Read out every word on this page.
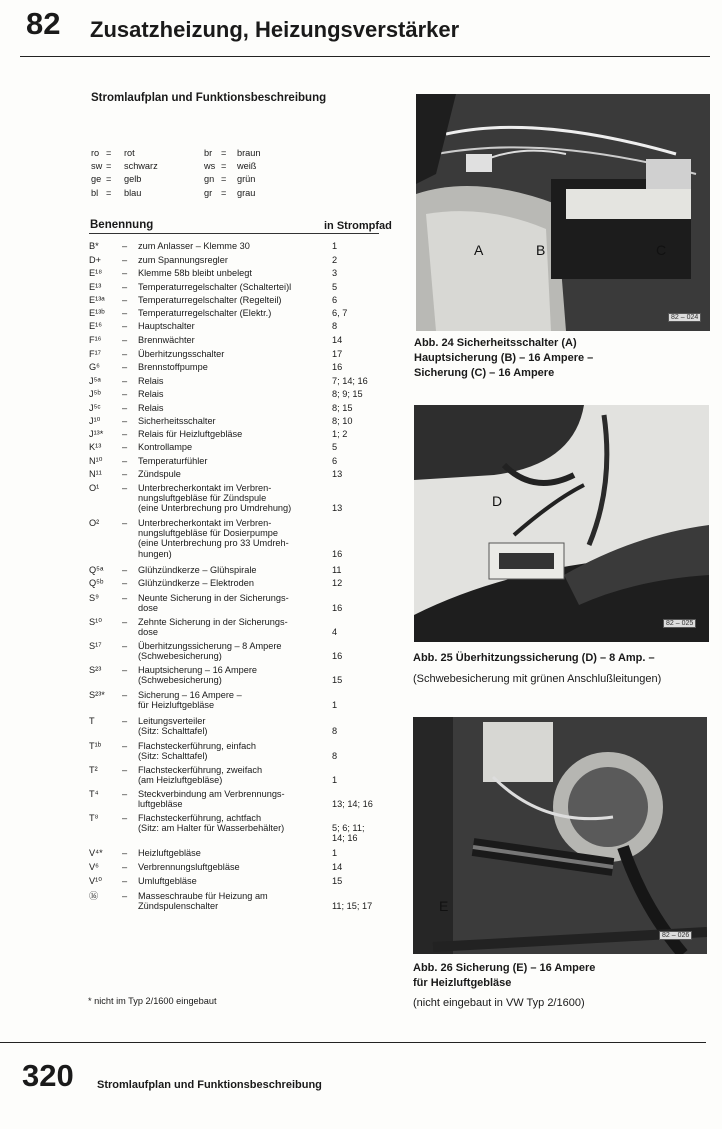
82 Zusatzheizung, Heizungsverstärker
Stromlaufplan und Funktionsbeschreibung
ro = rot
sw = schwarz
ge = gelb
bl = blau
br = braun
ws = weiß
gn = grün
gr = grau
Benennung	in Strompfad
B*	– zum Anlasser – Klemme 30	1
D+ – zum Spannungsregler	2
E¹⁸ – Klemme 58b bleibt unbelegt	3
E¹³ – Temperaturregelschalter (Schaltertei)l	5
E¹³ᵃ – Temperaturregelschalter (Regelteil)	6
E¹³ᵇ – Temperaturregelschalter (Elektr.)	6, 7
E¹⁶ – Hauptschalter	8
F¹⁶ – Brennwächter	14
F¹⁷ – Überhitzungsschalter	17
G⁶ – Brennstoffpumpe	16
J⁵ᵃ – Relais	7; 14; 16
J⁵ᵇ – Relais	8; 9; 15
J⁵ᶜ – Relais	8; 15
J¹⁰ – Sicherheitsschalter	8; 10
J¹³* – Relais für Heizluftgebläse	1; 2
K¹³ – Kontrollampe	5
N¹⁰ – Temperaturfühler	6
N¹¹ – Zündspule	13
O¹ – Unterbrecherkontakt im Verbren-
nungsluftgebläse für Zündspule
(eine Unterbrechung pro Umdrehung)	

13
O² – Unterbrecherkontakt im Verbren-
nungsluftgebläse für Dosierpumpe
(eine Unterbrechung pro 33 Umdreh-
hungen)	

16
Q⁵ᵃ – Glühzündkerze – Glühspirale	11
Q⁵ᵇ – Glühzündkerze – Elektroden	12
S⁹ – Neunte Sicherung in der Sicherungs-
dose	
16
S¹⁰ – Zehnte Sicherung in der Sicherungs-
dose	
4
S¹⁷ – Überhitzungssicherung – 8 Ampere
(Schwebesicherung)	
16
S²³ – Hauptsicherung – 16 Ampere
(Schwebesicherung)	
15
S²³* – Sicherung – 16 Ampere –
für Heizluftgebläse	
1
T	– Leitungsverteiler
(Sitz: Schalttafel)	
8
T¹ᵇ – Flachsteckerführung, einfach
(Sitz: Schalttafel)	
8
T²	– Flachsteckerführung, zweifach
(am Heizluftgebläse)	
1
T⁴	– Steckverbindung am Verbrennungs-
luftgebläse	
13; 14; 16
T⁸	– Flachsteckerführung, achtfach
(Sitz: am Halter für Wasserbehälter)	
5; 6; 11;
14; 16
V⁴* – Heizluftgebläse	1
V⁶	– Verbrennungsluftgebläse	14
V¹⁰ – Umluftgebläse	15
⑯	– Masseschraube für Heizung am
Zündspulenschalter	
11; 15; 17
* nicht im Typ 2/1600 eingebaut
A	B	C
82 – 024
Abb. 24 Sicherheitsschalter (A)
Hauptsicherung (B) – 16 Ampere –
Sicherung (C) – 16 Ampere
D
82 – 025
Abb. 25 Überhitzungssicherung (D) – 8 Amp. –
(Schwebesicherung mit grünen Anschlußleitungen)
E
82 – 026
Abb. 26 Sicherung (E) – 16 Ampere
für Heizluftgebläse
(nicht eingebaut in VW Typ 2/1600)
320 Stromlaufplan und Funktionsbeschreibung
